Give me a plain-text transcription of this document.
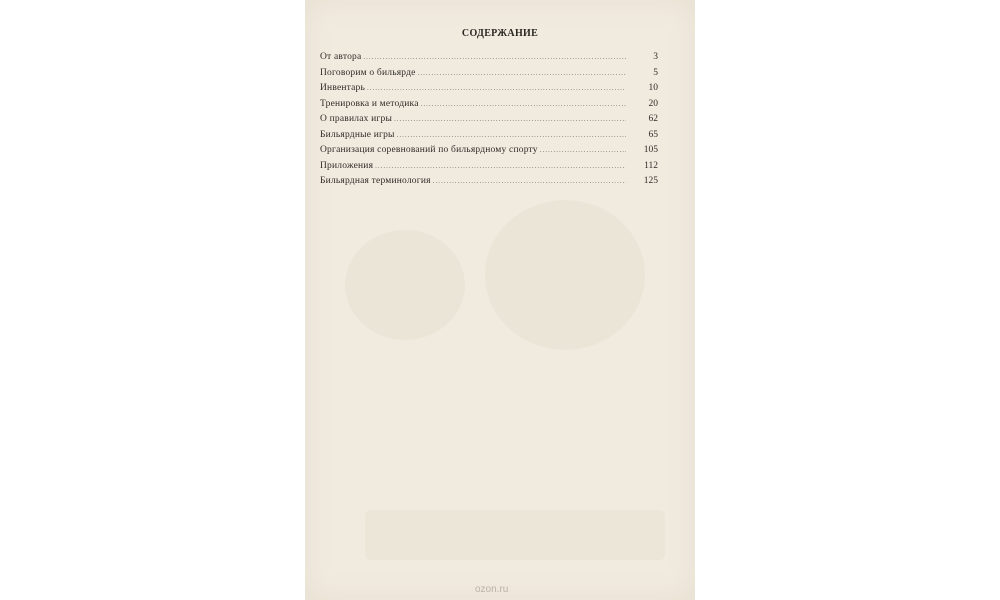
СОДЕРЖАНИЕ
От автора .....	3
Поговорим о бильярде .....	5
Инвентарь .....	10
Тренировка и методика .....	20
О правилах игры .....	62
Бильярдные игры .....	65
Организация соревнований по бильярдному спорту .....	105
Приложения .....	112
Бильярдная терминология .....	125
ozon.ru
